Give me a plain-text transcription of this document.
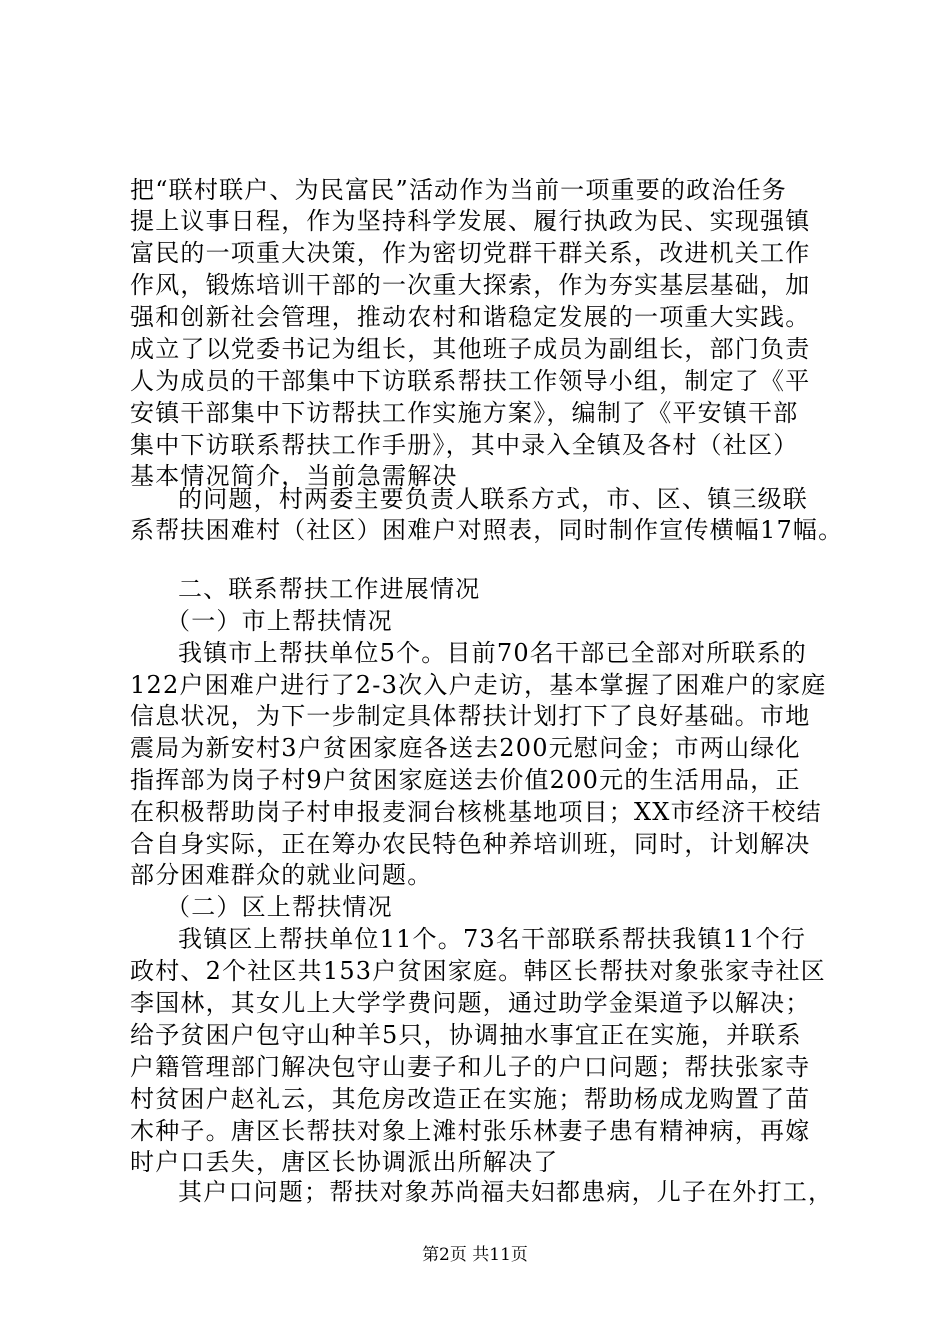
把“联村联户、为民富民”活动作为当前一项重要的政治任务
提上议事日程，作为坚持科学发展、履行执政为民、实现强镇
富民的一项重大决策，作为密切党群干群关系，改进机关工作
作风，锻炼培训干部的一次重大探索，作为夯实基层基础，加
强和创新社会管理，推动农村和谐稳定发展的一项重大实践。
成立了以党委书记为组长，其他班子成员为副组长，部门负责
人为成员的干部集中下访联系帮扶工作领导小组，制定了《平
安镇干部集中下访帮扶工作实施方案》，编制了《平安镇干部
集中下访联系帮扶工作手册》，其中录入全镇及各村（社区）
基本情况简介，当前急需解决
的问题，村两委主要负责人联系方式，市、区、镇三级联
系帮扶困难村（社区）困难户对照表，同时制作宣传横幅17幅。
二、联系帮扶工作进展情况
（一）市上帮扶情况
我镇市上帮扶单位5个。目前70名干部已全部对所联系的
122户困难户进行了2-3次入户走访，基本掌握了困难户的家庭
信息状况，为下一步制定具体帮扶计划打下了良好基础。市地
震局为新安村3户贫困家庭各送去200元慰问金；市两山绿化
指挥部为岗子村9户贫困家庭送去价值200元的生活用品，正
在积极帮助岗子村申报麦洞台核桃基地项目；XX市经济干校结
合自身实际，正在筹办农民特色种养培训班，同时，计划解决
部分困难群众的就业问题。
（二）区上帮扶情况
我镇区上帮扶单位11个。73名干部联系帮扶我镇11个行
政村、2个社区共153户贫困家庭。韩区长帮扶对象张家寺社区
李国林，其女儿上大学学费问题，通过助学金渠道予以解决；
给予贫困户包守山种羊5只，协调抽水事宜正在实施，并联系
户籍管理部门解决包守山妻子和儿子的户口问题；帮扶张家寺
村贫困户赵礼云，其危房改造正在实施；帮助杨成龙购置了苗
木种子。唐区长帮扶对象上滩村张乐林妻子患有精神病，再嫁
时户口丢失，唐区长协调派出所解决了
其户口问题；帮扶对象苏尚福夫妇都患病，儿子在外打工，
第2页 共11页
